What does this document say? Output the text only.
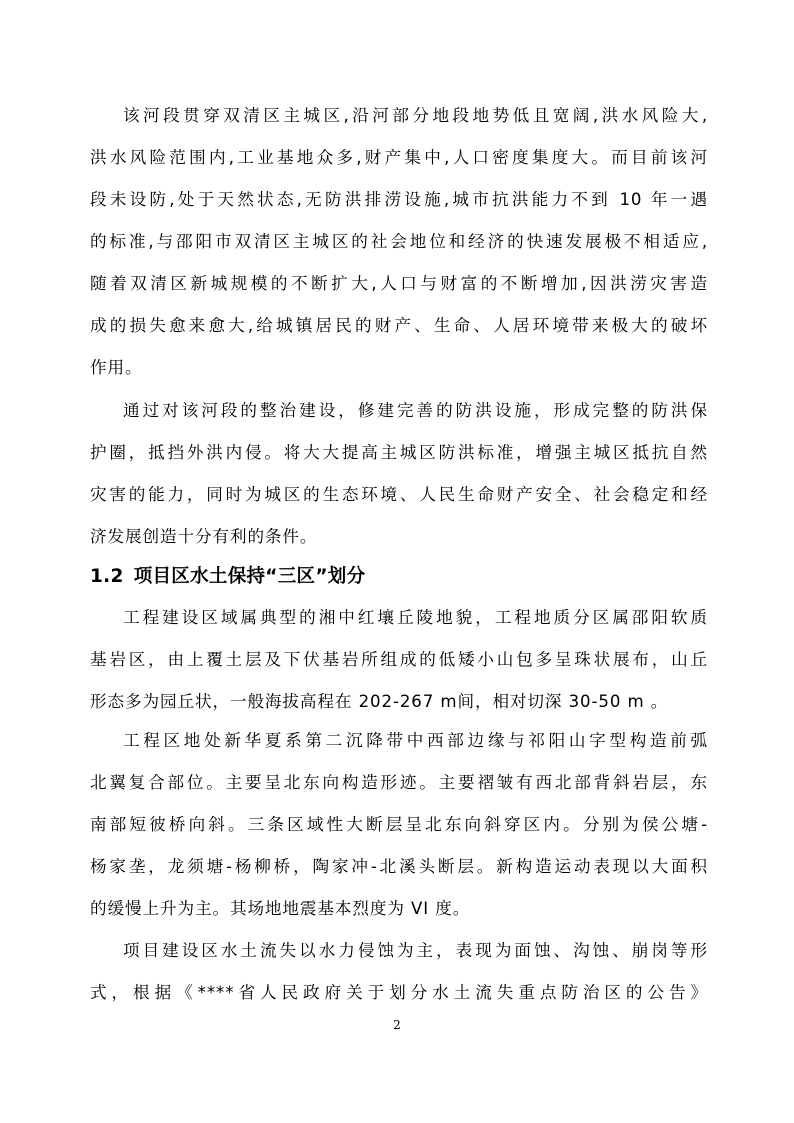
该河段贯穿双清区主城区,沿河部分地段地势低且宽阔,洪水风险大,
洪水风险范围内,工业基地众多,财产集中,人口密度集度大。而目前该河
段未设防,处于天然状态,无防洪排涝设施,城市抗洪能力不到 10 年一遇
的标准,与邵阳市双清区主城区的社会地位和经济的快速发展极不相适应,
随着双清区新城规模的不断扩大,人口与财富的不断增加,因洪涝灾害造
成的损失愈来愈大,给城镇居民的财产、生命、人居环境带来极大的破坏
作用。
通过对该河段的整治建设，修建完善的防洪设施，形成完整的防洪保
护圈，抵挡外洪内侵。将大大提高主城区防洪标准，增强主城区抵抗自然
灾害的能力，同时为城区的生态环境、人民生命财产安全、社会稳定和经
济发展创造十分有利的条件。
1.2 项目区水土保持“三区”划分
工程建设区域属典型的湘中红壤丘陵地貌，工程地质分区属邵阳软质
基岩区，由上覆土层及下伏基岩所组成的低矮小山包多呈珠状展布，山丘
形态多为园丘状，一般海拔高程在 202-267 m间，相对切深 30-50 m 。
工程区地处新华夏系第二沉降带中西部边缘与祁阳山字型构造前弧
北翼复合部位。主要呈北东向构造形迹。主要褶皱有西北部背斜岩层，东
南部短彼桥向斜。三条区域性大断层呈北东向斜穿区内。分别为侯公塘-
杨家垄，龙须塘-杨柳桥，陶家冲-北溪头断层。新构造运动表现以大面积
的缓慢上升为主。其场地地震基本烈度为 VI 度。
项目建设区水土流失以水力侵蚀为主，表现为面蚀、沟蚀、崩岗等形
式，根据《****省人民政府关于划分水土流失重点防治区的公告》
2
